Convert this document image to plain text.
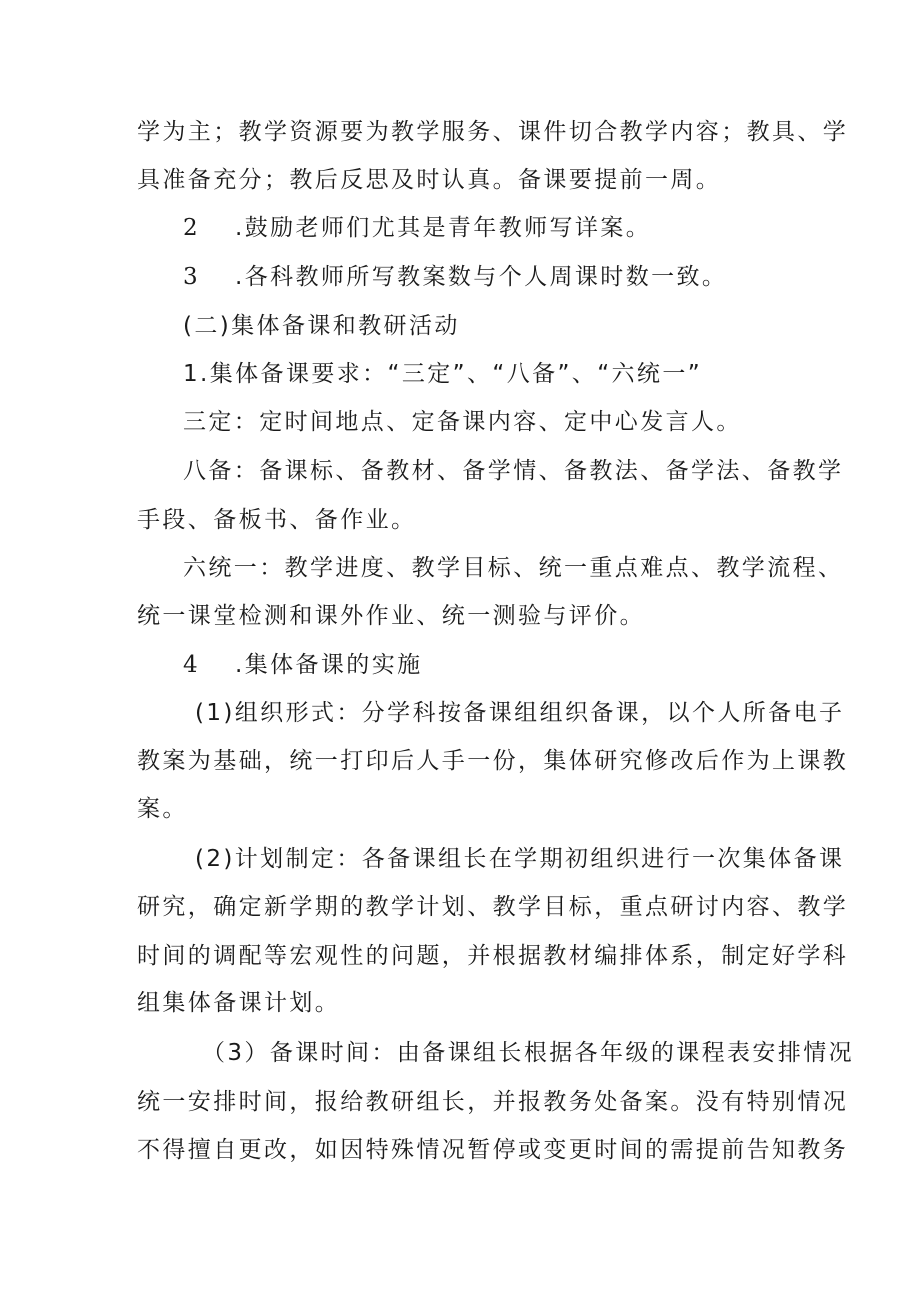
学为主；教学资源要为教学服务、课件切合教学内容；教具、学
具准备充分；教后反思及时认真。备课要提前一周。
2 .鼓励老师们尤其是青年教师写详案。
3 .各科教师所写教案数与个人周课时数一致。
(二)集体备课和教研活动
1.集体备课要求：“三定”、“八备”、“六统一”
三定：定时间地点、定备课内容、定中心发言人。
八备：备课标、备教材、备学情、备教法、备学法、备教学
手段、备板书、备作业。
六统一：教学进度、教学目标、统一重点难点、教学流程、
统一课堂检测和课外作业、统一测验与评价。
4 .集体备课的实施
(1)组织形式：分学科按备课组组织备课，以个人所备电子
教案为基础，统一打印后人手一份，集体研究修改后作为上课教
案。
(2)计划制定：各备课组长在学期初组织进行一次集体备课
研究，确定新学期的教学计划、教学目标，重点研讨内容、教学
时间的调配等宏观性的问题，并根据教材编排体系，制定好学科
组集体备课计划。
（3）备课时间：由备课组长根据各年级的课程表安排情况
统一安排时间，报给教研组长，并报教务处备案。没有特别情况
不得擅自更改，如因特殊情况暂停或变更时间的需提前告知教务
